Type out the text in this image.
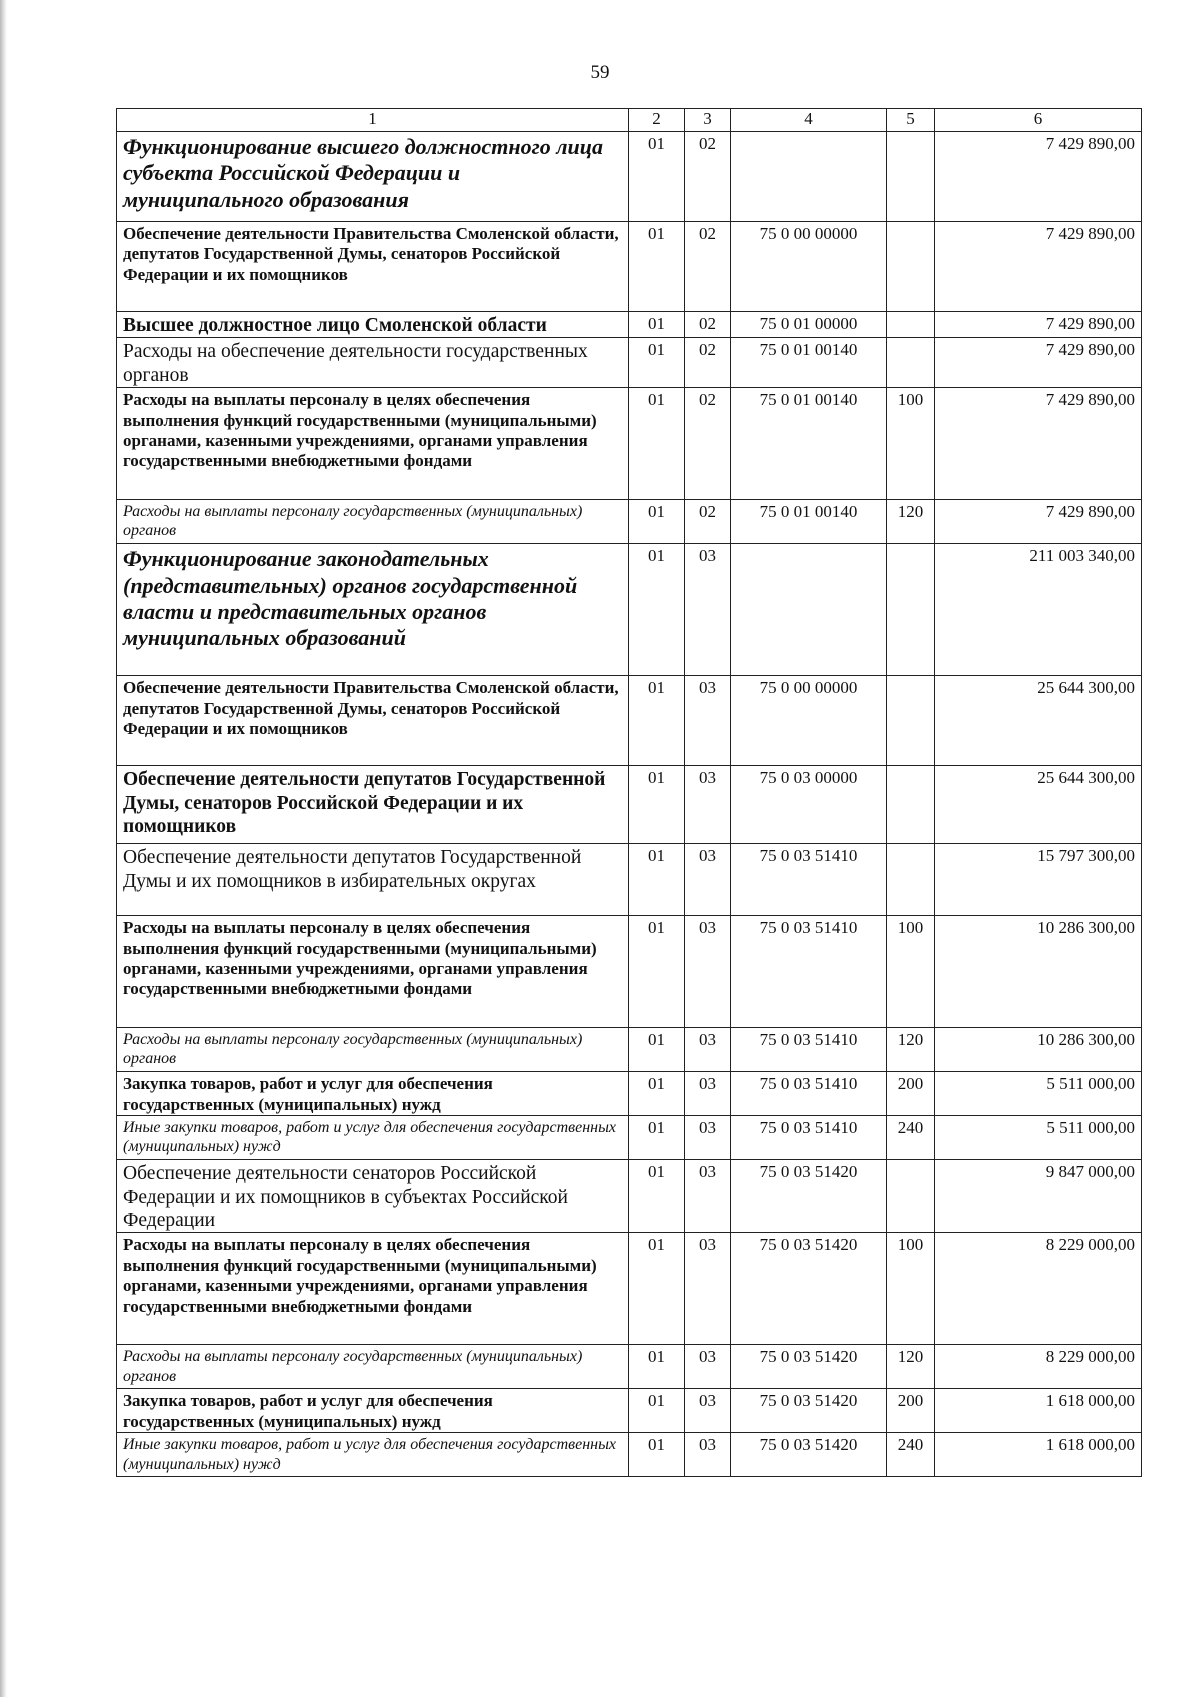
59
1	2	3	4	5	6
Функционирование высшего должностного лица субъекта Российской Федерации и муниципального образования	01	02			7 429 890,00
Обеспечение деятельности Правительства Смоленской области, депутатов Государственной Думы, сенаторов Российской Федерации и их помощников	01	02	75 0 00 00000		7 429 890,00
Высшее должностное лицо Смоленской области	01	02	75 0 01 00000		7 429 890,00
Расходы на обеспечение деятельности государственных органов	01	02	75 0 01 00140		7 429 890,00
Расходы на выплаты персоналу в целях обеспечения выполнения функций государственными (муниципальными) органами, казенными учреждениями, органами управления государственными внебюджетными фондами	01	02	75 0 01 00140	100	7 429 890,00
Расходы на выплаты персоналу государственных (муниципальных) органов	01	02	75 0 01 00140	120	7 429 890,00
Функционирование законодательных (представительных) органов государственной власти и представительных органов муниципальных образований	01	03			211 003 340,00
Обеспечение деятельности Правительства Смоленской области, депутатов Государственной Думы, сенаторов Российской Федерации и их помощников	01	03	75 0 00 00000		25 644 300,00
Обеспечение деятельности депутатов Государственной Думы, сенаторов Российской Федерации и их помощников	01	03	75 0 03 00000		25 644 300,00
Обеспечение деятельности депутатов Государственной Думы и их помощников в избирательных округах	01	03	75 0 03 51410		15 797 300,00
Расходы на выплаты персоналу в целях обеспечения выполнения функций государственными (муниципальными) органами, казенными учреждениями, органами управления государственными внебюджетными фондами	01	03	75 0 03 51410	100	10 286 300,00
Расходы на выплаты персоналу государственных (муниципальных) органов	01	03	75 0 03 51410	120	10 286 300,00
Закупка товаров, работ и услуг для обеспечения государственных (муниципальных) нужд	01	03	75 0 03 51410	200	5 511 000,00
Иные закупки товаров, работ и услуг для обеспечения государственных (муниципальных) нужд	01	03	75 0 03 51410	240	5 511 000,00
Обеспечение деятельности сенаторов Российской Федерации и их помощников в субъектах Российской Федерации	01	03	75 0 03 51420		9 847 000,00
Расходы на выплаты персоналу в целях обеспечения выполнения функций государственными (муниципальными) органами, казенными учреждениями, органами управления государственными внебюджетными фондами	01	03	75 0 03 51420	100	8 229 000,00
Расходы на выплаты персоналу государственных (муниципальных) органов	01	03	75 0 03 51420	120	8 229 000,00
Закупка товаров, работ и услуг для обеспечения государственных (муниципальных) нужд	01	03	75 0 03 51420	200	1 618 000,00
Иные закупки товаров, работ и услуг для обеспечения государственных (муниципальных) нужд	01	03	75 0 03 51420	240	1 618 000,00
